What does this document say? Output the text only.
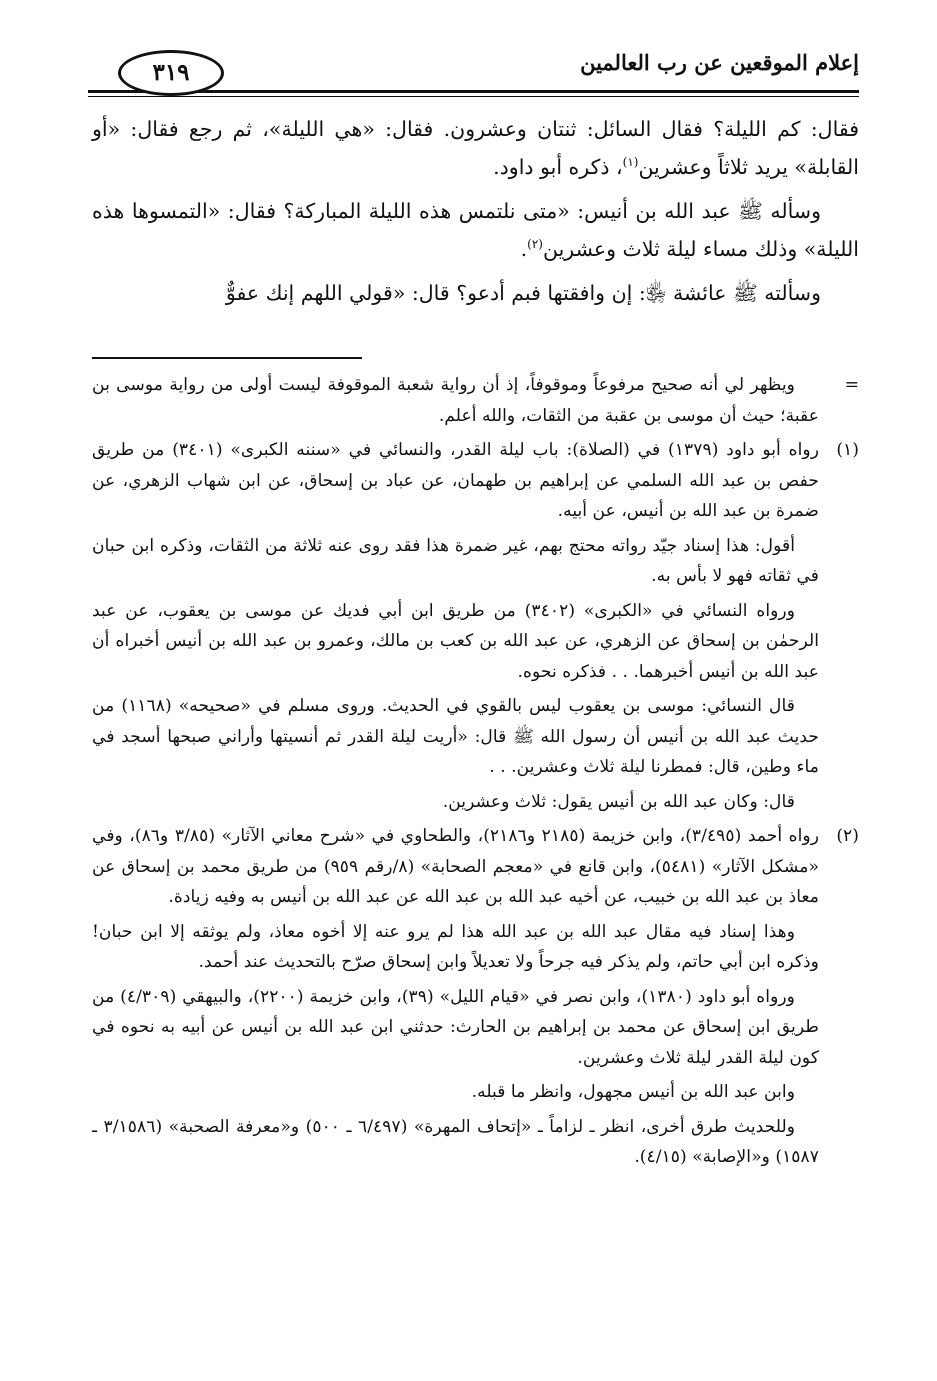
إعلام الموقعين عن رب العالمين
٣١٩

فقال: كم الليلة؟ فقال السائل: ثنتان وعشرون. فقال: «هي الليلة»، ثم رجع فقال: «أو القابلة» يريد ثلاثاً وعشرين$^{(١)}$، ذكره أبو داود.

وسأله ﷺ عبد الله بن أنيس: «متى نلتمس هذه الليلة المباركة؟ فقال: «التمسوها هذه الليلة» وذلك مساء ليلة ثلاث وعشرين$^{(٢)}$.

وسألته ﷺ عائشة ﵂: إن وافقتها فبم أدعو؟ قال: «قولي اللهم إنك عفوٌّ

=

ويظهر لي أنه صحيح مرفوعاً وموقوفاً، إذ أن رواية شعبة الموقوفة ليست أولى من رواية موسى بن عقبة؛ حيث أن موسى بن عقبة من الثقات، والله أعلم.

(١)

رواه أبو داود (١٣٧٩) في (الصلاة): باب ليلة القدر، والنسائي في «سننه الكبرى» (٣٤٠١) من طريق حفص بن عبد الله السلمي عن إبراهيم بن طهمان، عن عباد بن إسحاق، عن ابن شهاب الزهري، عن ضمرة بن عبد الله بن أنيس، عن أبيه.

أقول: هذا إسناد جيّد رواته محتج بهم، غير ضمرة هذا فقد روى عنه ثلاثة من الثقات، وذكره ابن حبان في ثقاته فهو لا بأس به.

ورواه النسائي في «الكبرى» (٣٤٠٢) من طريق ابن أبي فديك عن موسى بن يعقوب، عن عبد الرحمٰن بن إسحاق عن الزهري، عن عبد الله بن كعب بن مالك، وعمرو بن عبد الله بن أنيس أخبراه أن عبد الله بن أنيس أخبرهما. . . فذكره نحوه.

قال النسائي: موسى بن يعقوب ليس بالقوي في الحديث. وروى مسلم في «صحيحه» (١١٦٨) من حديث عبد الله بن أنيس أن رسول الله ﷺ قال: «أريت ليلة القدر ثم أنسيتها وأراني صبحها أسجد في ماء وطين، قال: فمطرنا ليلة ثلاث وعشرين. . .

قال: وكان عبد الله بن أنيس يقول: ثلاث وعشرين.

(٢)

رواه أحمد (٣/٤٩٥)، وابن خزيمة (٢١٨٥ و٢١٨٦)، والطحاوي في «شرح معاني الآثار» (٣/٨٥ و٨٦)، وفي «مشكل الآثار» (٥٤٨١)، وابن قانع في «معجم الصحابة» (٨/رقم ٩٥٩) من طريق محمد بن إسحاق عن معاذ بن عبد الله بن خبيب، عن أخيه عبد الله بن عبد الله عن عبد الله بن أنيس به وفيه زيادة.

وهذا إسناد فيه مقال عبد الله بن عبد الله هذا لم يرو عنه إلا أخوه معاذ، ولم يوثقه إلا ابن حبان! وذكره ابن أبي حاتم، ولم يذكر فيه جرحاً ولا تعديلاً وابن إسحاق صرّح بالتحديث عند أحمد.

ورواه أبو داود (١٣٨٠)، وابن نصر في «قيام الليل» (٣٩)، وابن خزيمة (٢٢٠٠)، والبيهقي (٤/٣٠٩) من طريق ابن إسحاق عن محمد بن إبراهيم بن الحارث: حدثني ابن عبد الله بن أنيس عن أبيه به نحوه في كون ليلة القدر ليلة ثلاث وعشرين.

وابن عبد الله بن أنيس مجهول، وانظر ما قبله.

وللحديث طرق أخرى، انظر ـ لزاماً ـ «إتحاف المهرة» (٦/٤٩٧ ـ ٥٠٠) و«معرفة الصحبة» (٣/١٥٨٦ ـ ١٥٨٧) و«الإصابة» (٤/١٥).
